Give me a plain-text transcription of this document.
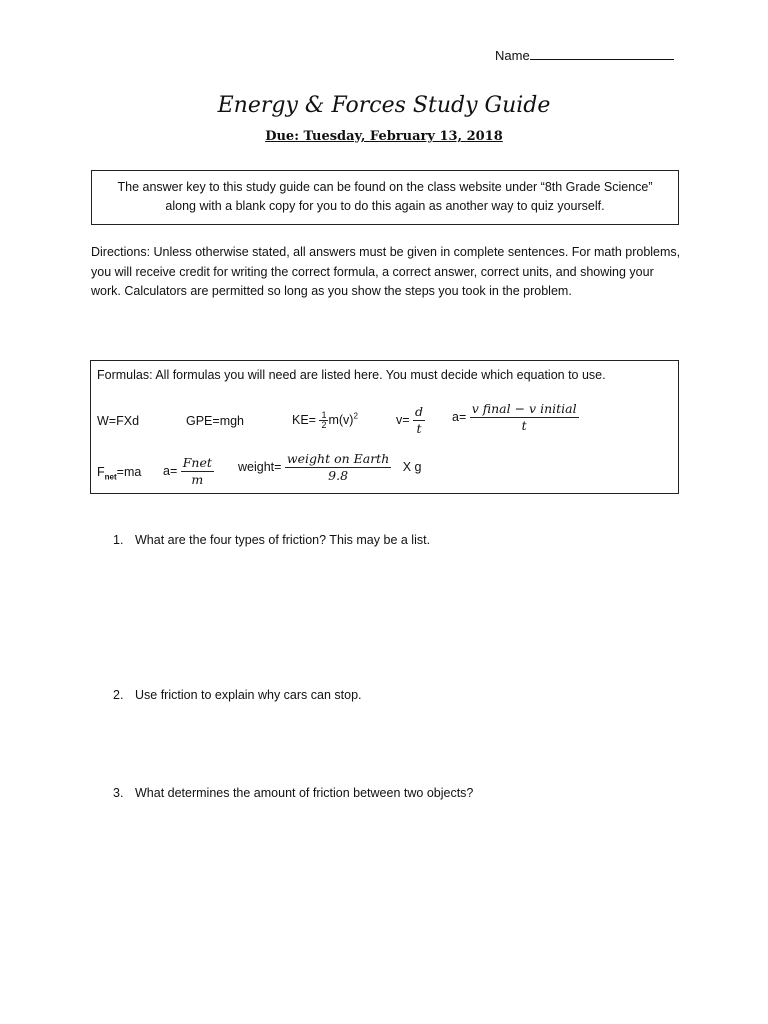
Name
Energy & Forces Study Guide
Due: Tuesday, February 13, 2018
The answer key to this study guide can be found on the class website under “8th Grade Science” along with a blank copy for you to do this again as another way to quiz yourself.
Directions: Unless otherwise stated, all answers must be given in complete sentences. For math problems, you will receive credit for writing the correct formula, a correct answer, correct units, and showing your work. Calculators are permitted so long as you show the steps you took in the problem.
Formulas: All formulas you will need are listed here. You must decide which equation to use.
W=FXd	GPE=mgh	$KE= \frac{1}{2} m(v)^2$	$v= \frac{d}{t} a= \frac{\text{v final − v initial}}{t}$
$F_{net}=ma$ $a= \frac{\text{Fnet}}{m}$ weight= $\frac{\text{weight on Earth}}{9.8}$ X g
1. What are the four types of friction? This may be a list.
2. Use friction to explain why cars can stop.
3. What determines the amount of friction between two objects?
